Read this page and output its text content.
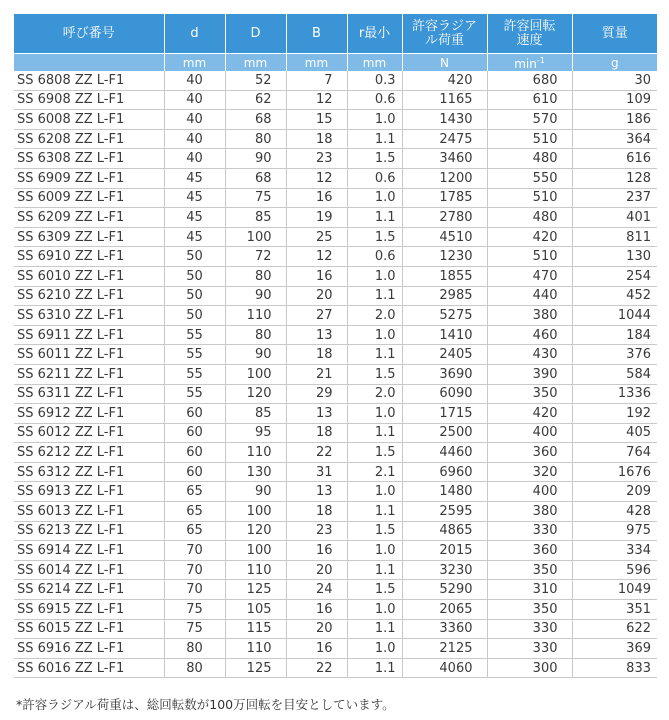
呼び番号	d	D	B	r最小	許容ラジアル荷重	許容回転速度	質量
	mm	mm	mm	mm	N	$\min^{-1}$	g
SS 6808 ZZ L-F1	40	52	7	0.3	420	680	30
SS 6908 ZZ L-F1	40	62	12	0.6	1165	610	109
SS 6008 ZZ L-F1	40	68	15	1.0	1430	570	186
SS 6208 ZZ L-F1	40	80	18	1.1	2475	510	364
SS 6308 ZZ L-F1	40	90	23	1.5	3460	480	616
SS 6909 ZZ L-F1	45	68	12	0.6	1200	550	128
SS 6009 ZZ L-F1	45	75	16	1.0	1785	510	237
SS 6209 ZZ L-F1	45	85	19	1.1	2780	480	401
SS 6309 ZZ L-F1	45	100	25	1.5	4510	420	811
SS 6910 ZZ L-F1	50	72	12	0.6	1230	510	130
SS 6010 ZZ L-F1	50	80	16	1.0	1855	470	254
SS 6210 ZZ L-F1	50	90	20	1.1	2985	440	452
SS 6310 ZZ L-F1	50	110	27	2.0	5275	380	1044
SS 6911 ZZ L-F1	55	80	13	1.0	1410	460	184
SS 6011 ZZ L-F1	55	90	18	1.1	2405	430	376
SS 6211 ZZ L-F1	55	100	21	1.5	3690	390	584
SS 6311 ZZ L-F1	55	120	29	2.0	6090	350	1336
SS 6912 ZZ L-F1	60	85	13	1.0	1715	420	192
SS 6012 ZZ L-F1	60	95	18	1.1	2500	400	405
SS 6212 ZZ L-F1	60	110	22	1.5	4460	360	764
SS 6312 ZZ L-F1	60	130	31	2.1	6960	320	1676
SS 6913 ZZ L-F1	65	90	13	1.0	1480	400	209
SS 6013 ZZ L-F1	65	100	18	1.1	2595	380	428
SS 6213 ZZ L-F1	65	120	23	1.5	4865	330	975
SS 6914 ZZ L-F1	70	100	16	1.0	2015	360	334
SS 6014 ZZ L-F1	70	110	20	1.1	3230	350	596
SS 6214 ZZ L-F1	70	125	24	1.5	5290	310	1049
SS 6915 ZZ L-F1	75	105	16	1.0	2065	350	351
SS 6015 ZZ L-F1	75	115	20	1.1	3360	330	622
SS 6916 ZZ L-F1	80	110	16	1.0	2125	330	369
SS 6016 ZZ L-F1	80	125	22	1.1	4060	300	833
*許容ラジアル荷重は、総回転数が100万回転を目安としています。
